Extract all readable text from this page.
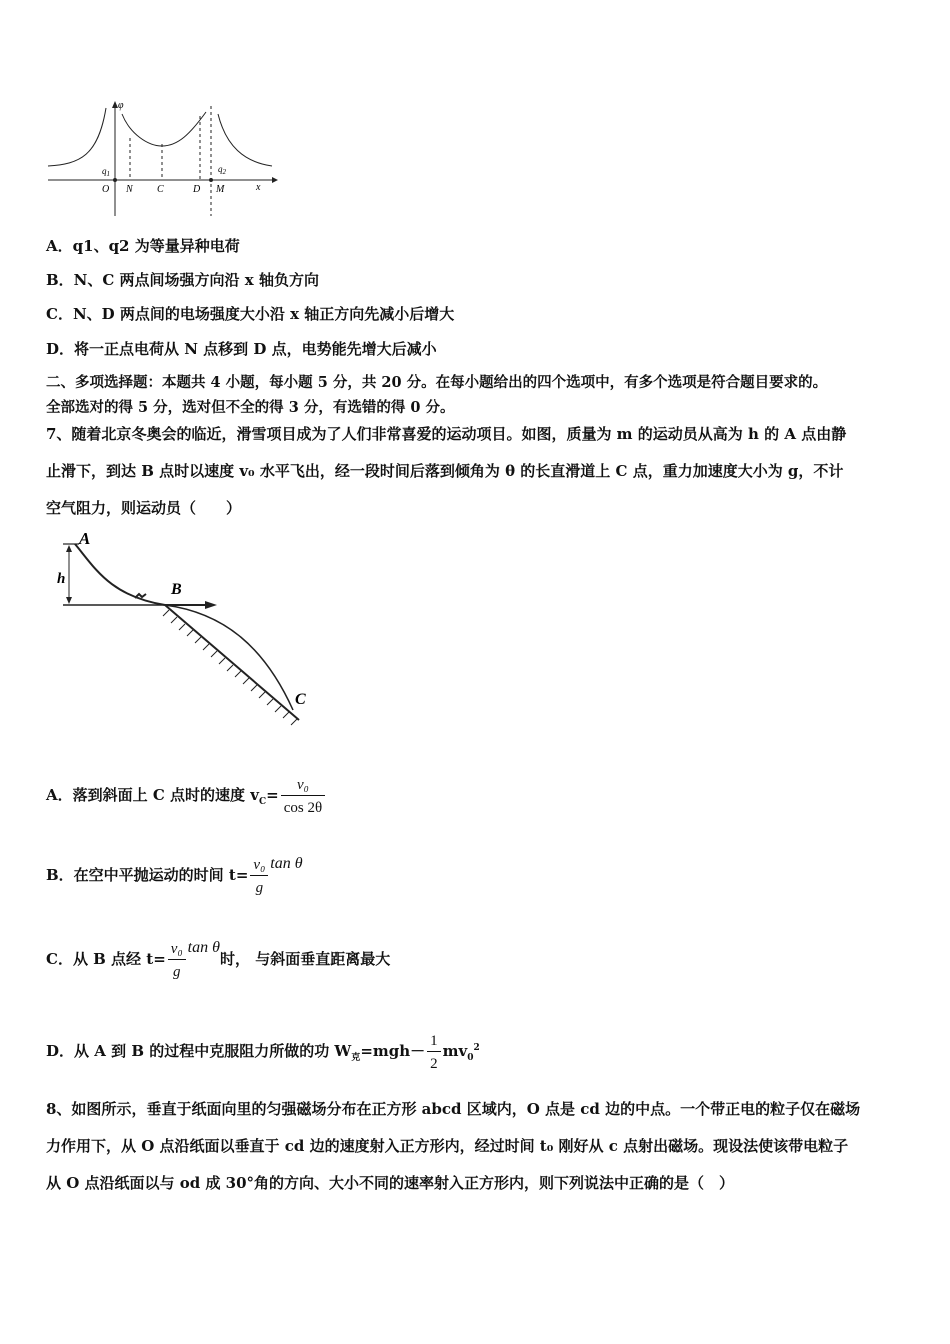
φ
x
$q_1$	$q_2$
O N C	D M
A．q1、q2 为等量异种电荷
B．N、C 两点间场强方向沿 x 轴负方向
C．N、D 两点间的电场强度大小沿 x 轴正方向先减小后增大
D．将一正点电荷从 N 点移到 D 点，电势能先增大后减小
二、多项选择题：本题共 4 小题，每小题 5 分，共 20 分。在每小题给出的四个选项中，有多个选项是符合题目要求的。
全部选对的得 5 分，选对但不全的得 3 分，有选错的得 0 分。
7、随着北京冬奥会的临近，滑雪项目成为了人们非常喜爱的运动项目。如图，质量为 m 的运动员从高为 h 的 A 点由静
止滑下，到达 B 点时以速度 v₀ 水平飞出，经一段时间后落到倾角为 θ 的长直滑道上 C 点，重力加速度大小为 g，不计
空气阻力，则运动员（　　）
A
h
B
C
A．落到斜面上 C 点时的速度 $v_C= \frac{\text{v₀}}{\cos 2\theta}$
B．在空中平抛运动的时间 $t= \frac{\text{v₀}}{g}$ tan θ
C．从 B 点经 $t= \frac{\text{v₀}}{g}$ tan θ时， 与斜面垂直距离最大
D．从 A 到 B 的过程中克服阻力所做的功 $W_克=mgh- \frac{1}{2} mv_0^2$
8、如图所示，垂直于纸面向里的匀强磁场分布在正方形 abcd 区域内，O 点是 cd 边的中点。一个带正电的粒子仅在磁场
力作用下，从 O 点沿纸面以垂直于 cd 边的速度射入正方形内，经过时间 t₀ 刚好从 c 点射出磁场。现设法使该带电粒子
从 O 点沿纸面以与 od 成 30°角的方向、大小不同的速率射入正方形内，则下列说法中正确的是（　）
